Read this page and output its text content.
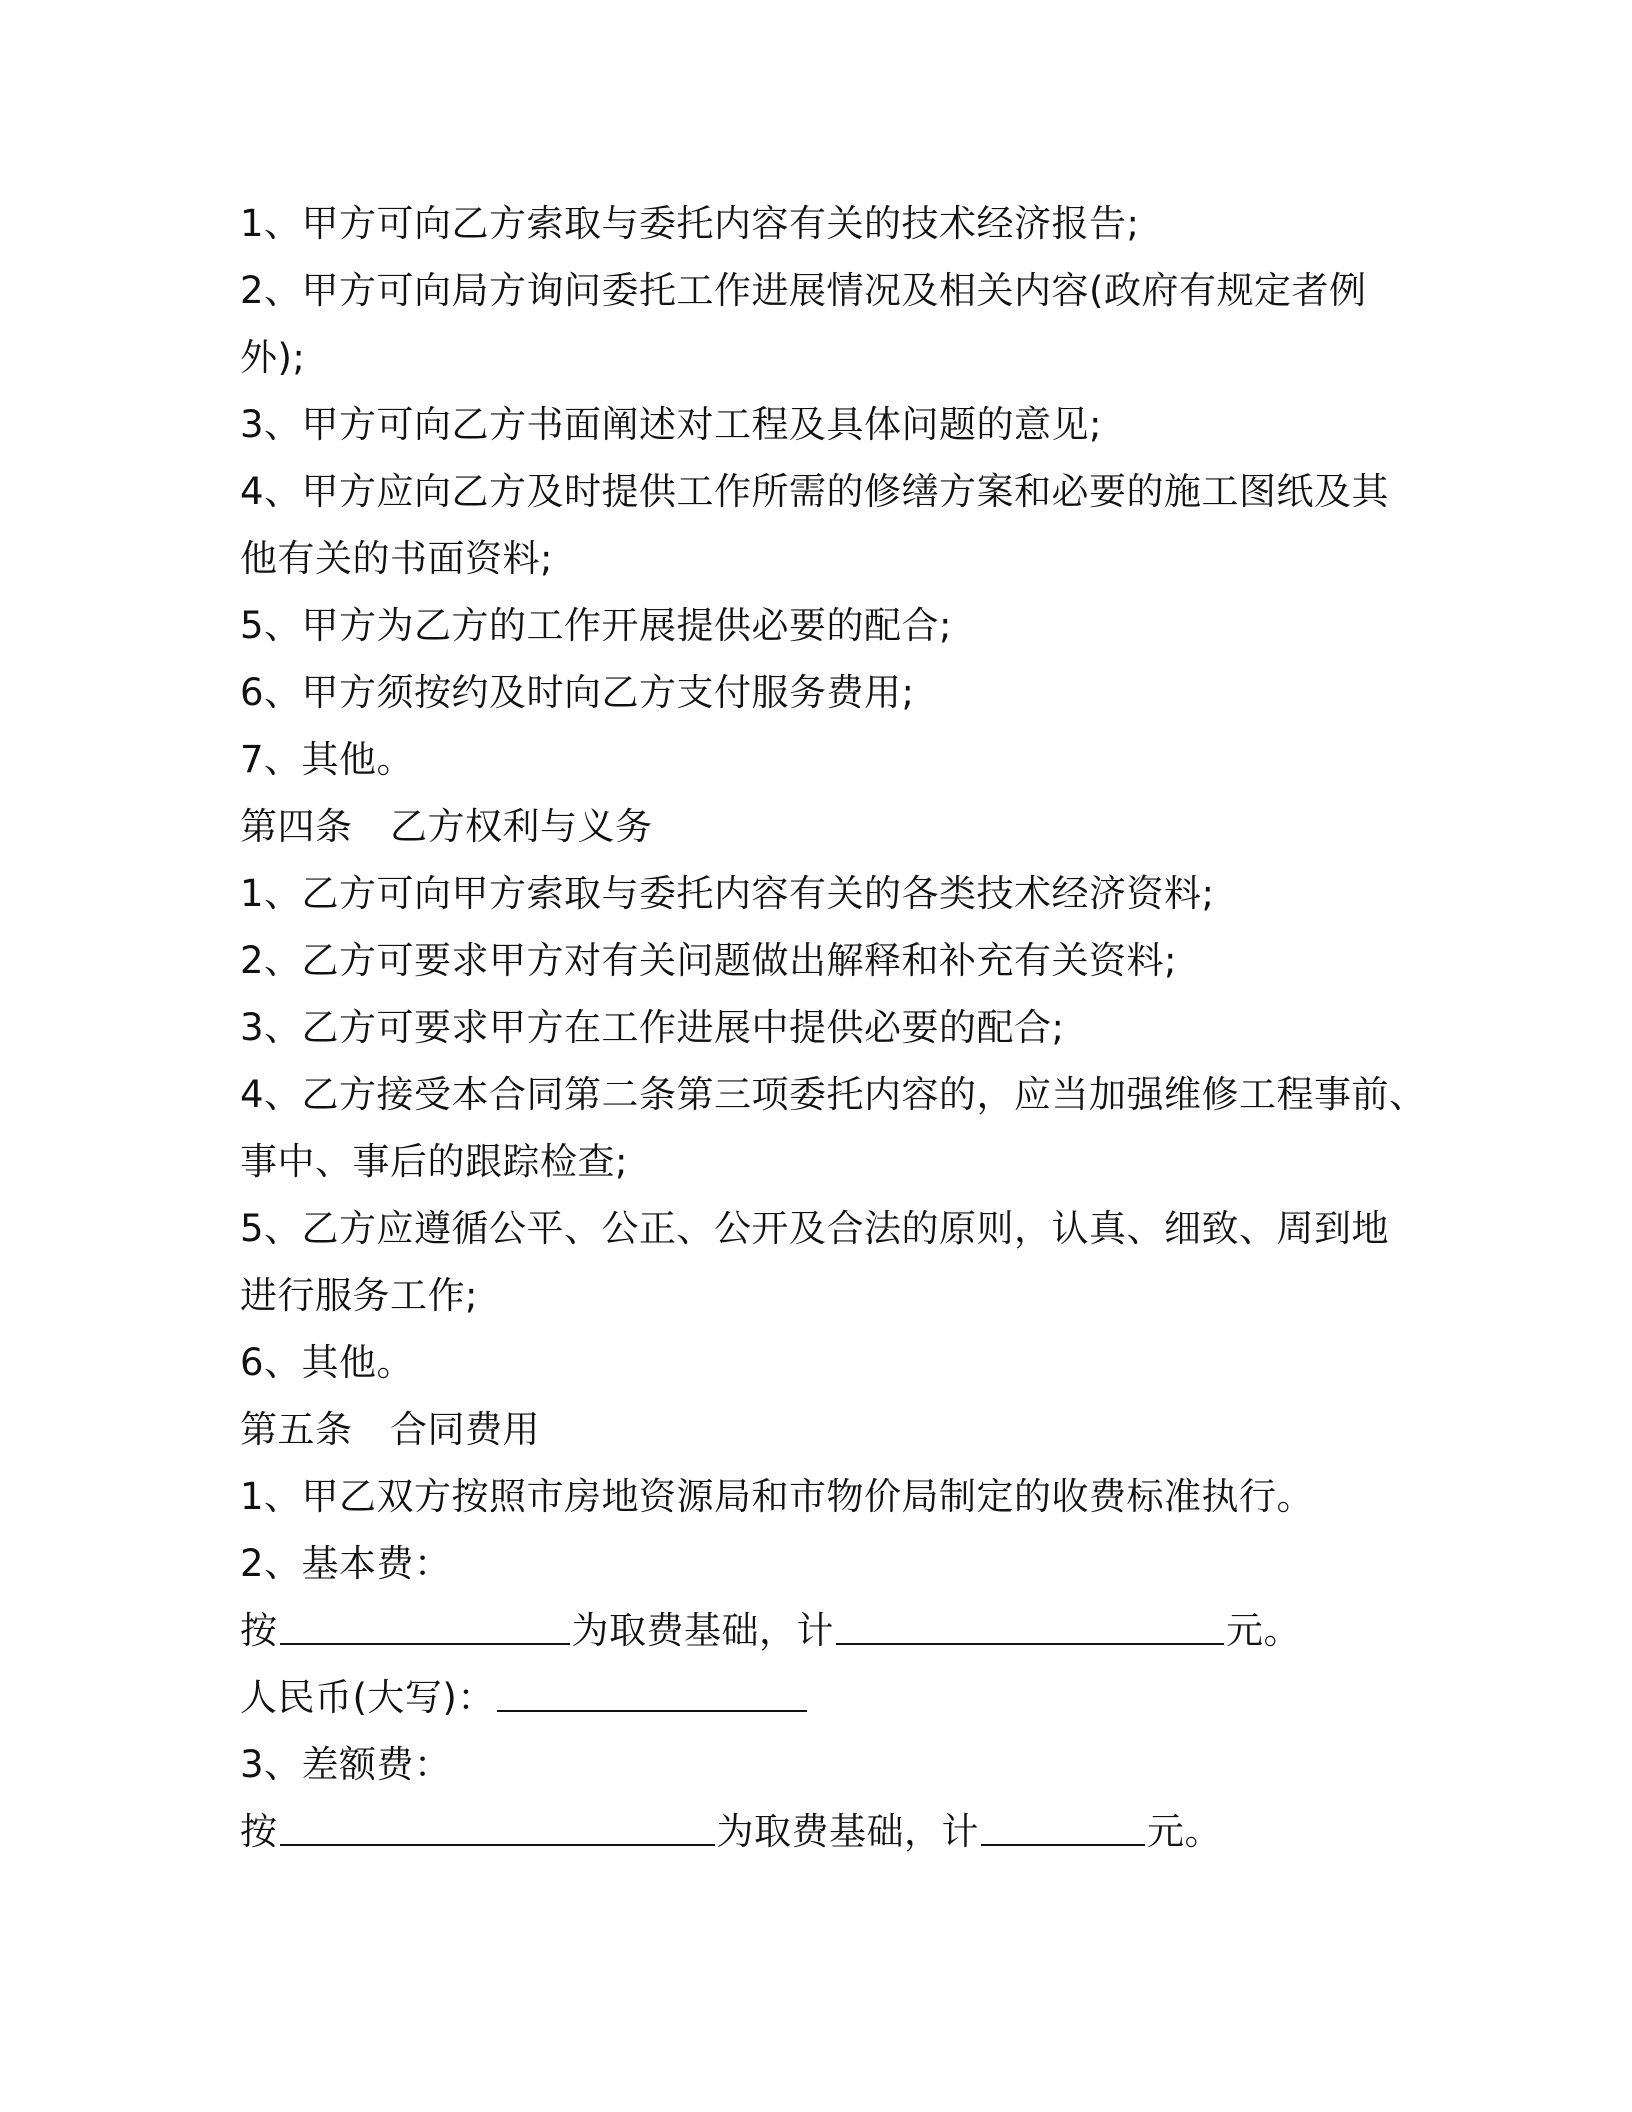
1、甲方可向乙方索取与委托内容有关的技术经济报告;
2、甲方可向局方询问委托工作进展情况及相关内容(政府有规定者例
外);
3、甲方可向乙方书面阐述对工程及具体问题的意见;
4、甲方应向乙方及时提供工作所需的修缮方案和必要的施工图纸及其
他有关的书面资料;
5、甲方为乙方的工作开展提供必要的配合;
6、甲方须按约及时向乙方支付服务费用;
7、其他。
第四条　乙方权利与义务
1、乙方可向甲方索取与委托内容有关的各类技术经济资料;
2、乙方可要求甲方对有关问题做出解释和补充有关资料;
3、乙方可要求甲方在工作进展中提供必要的配合;
4、乙方接受本合同第二条第三项委托内容的，应当加强维修工程事前、
事中、事后的跟踪检查;
5、乙方应遵循公平、公正、公开及合法的原则，认真、细致、周到地
进行服务工作;
6、其他。
第五条　合同费用
1、甲乙双方按照市房地资源局和市物价局制定的收费标准执行。
2、基本费：
按	为取费基础，计	元。
人民币(大写)：
3、差额费：
按	为取费基础，计	元。
